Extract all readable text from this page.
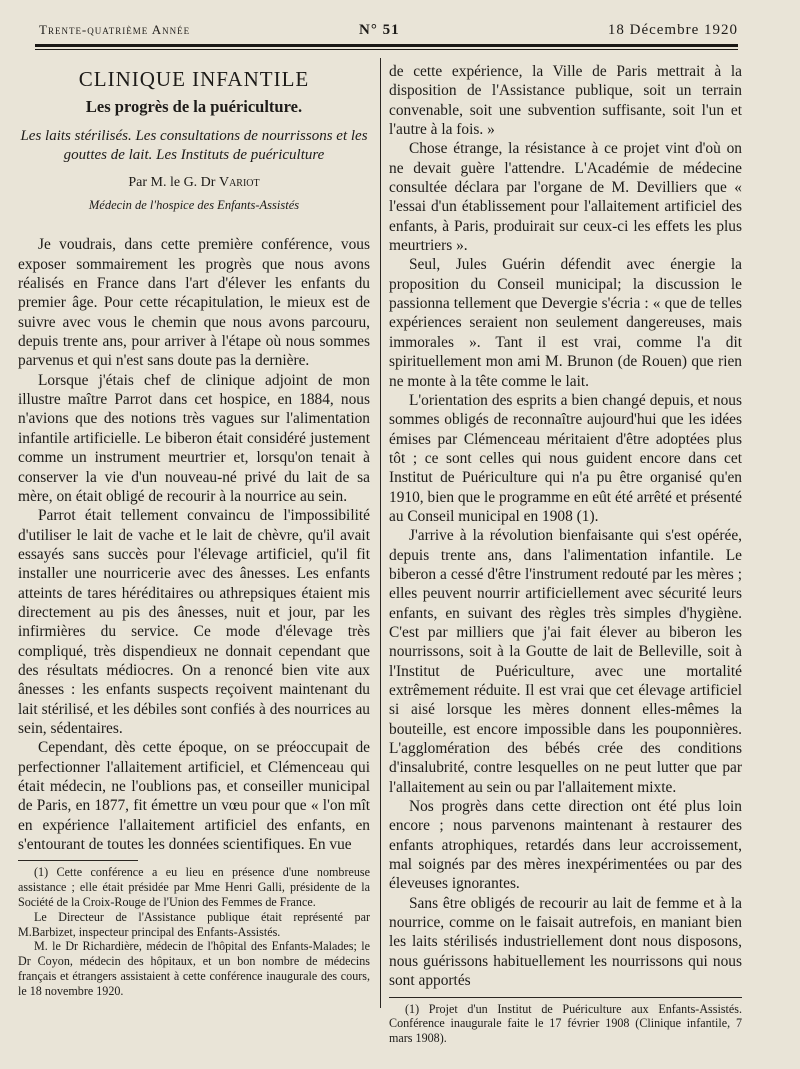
Trente-quatrième Année	N° 51	18 Décembre 1920
CLINIQUE INFANTILE
Les progrès de la puériculture.
Les laits stérilisés. Les consultations de nourrissons et les gouttes de lait. Les Instituts de puériculture
Par M. le G. Dr Variot
Médecin de l'hospice des Enfants-Assistés

Je voudrais, dans cette première conférence, vous exposer sommairement les progrès que nous avons réalisés en France dans l'art d'élever les enfants du premier âge. Pour cette récapitulation, le mieux est de suivre avec vous le chemin que nous avons parcouru, depuis trente ans, pour arriver à l'étape où nous sommes parvenus et qui n'est sans doute pas la dernière.

Lorsque j'étais chef de clinique adjoint de mon illustre maître Parrot dans cet hospice, en 1884, nous n'avions que des notions très vagues sur l'alimentation infantile artificielle. Le biberon était considéré justement comme un instrument meurtrier et, lorsqu'on tenait à conserver la vie d'un nouveau-né privé du lait de sa mère, on était obligé de recourir à la nourrice au sein.

Parrot était tellement convaincu de l'impossibilité d'utiliser le lait de vache et le lait de chèvre, qu'il avait essayés sans succès pour l'élevage artificiel, qu'il fit installer une nourricerie avec des ânesses. Les enfants atteints de tares héréditaires ou athrepsiques étaient mis directement au pis des ânesses, nuit et jour, par les infirmières du service. Ce mode d'élevage très compliqué, très dispendieux ne donnait cependant que des résultats médiocres. On a renoncé bien vite aux ânesses : les enfants suspects reçoivent maintenant du lait stérilisé, et les débiles sont confiés à des nourrices au sein, sédentaires.

Cependant, dès cette époque, on se préoccupait de perfectionner l'allaitement artificiel, et Clémenceau qui était médecin, ne l'oublions pas, et conseiller municipal de Paris, en 1877, fit émettre un vœu pour que « l'on mît en expérience l'allaitement artificiel des enfants, en s'entourant de toutes les données scientifiques. En vue

(1) Cette conférence a eu lieu en présence d'une nombreuse assistance ; elle était présidée par Mme Henri Galli, présidente de la Société de la Croix-Rouge de l'Union des Femmes de France.

Le Directeur de l'Assistance publique était représenté par M.Barbizet, inspecteur principal des Enfants-Assistés.

M. le Dr Richardière, médecin de l'hôpital des Enfants-Malades; le Dr Coyon, médecin des hôpitaux, et un bon nombre de médecins français et étrangers assistaient à cette conférence inaugurale des cours, le 18 novembre 1920.

de cette expérience, la Ville de Paris mettrait à la disposition de l'Assistance publique, soit un terrain convenable, soit une subvention suffisante, soit l'un et l'autre à la fois. »

Chose étrange, la résistance à ce projet vint d'où on ne devait guère l'attendre. L'Académie de médecine consultée déclara par l'organe de M. Devilliers que « l'essai d'un établissement pour l'allaitement artificiel des enfants, à Paris, produirait sur ceux-ci les effets les plus meurtriers ».

Seul, Jules Guérin défendit avec énergie la proposition du Conseil municipal; la discussion le passionna tellement que Devergie s'écria : « que de telles expériences seraient non seulement dangereuses, mais immorales ». Tant il est vrai, comme l'a dit spirituellement mon ami M. Brunon (de Rouen) que rien ne monte à la tête comme le lait.

L'orientation des esprits a bien changé depuis, et nous sommes obligés de reconnaître aujourd'hui que les idées émises par Clémenceau méritaient d'être adoptées plus tôt ; ce sont celles qui nous guident encore dans cet Institut de Puériculture qui n'a pu être organisé qu'en 1910, bien que le programme en eût été arrêté et présenté au Conseil municipal en 1908 (1).

J'arrive à la révolution bienfaisante qui s'est opérée, depuis trente ans, dans l'alimentation infantile. Le biberon a cessé d'être l'instrument redouté par les mères ; elles peuvent nourrir artificiellement avec sécurité leurs enfants, en suivant des règles très simples d'hygiène. C'est par milliers que j'ai fait élever au biberon les nourrissons, soit à la Goutte de lait de Belleville, soit à l'Institut de Puériculture, avec une mortalité extrêmement réduite. Il est vrai que cet élevage artificiel si aisé lorsque les mères donnent elles-mêmes la bouteille, est encore impossible dans les pouponnières. L'agglomération des bébés crée des conditions d'insalubrité, contre lesquelles on ne peut lutter que par l'allaitement au sein ou par l'allaitement mixte.

Nos progrès dans cette direction ont été plus loin encore ; nous parvenons maintenant à restaurer des enfants atrophiques, retardés dans leur accroissement, mal soignés par des mères inexpérimentées ou par des éleveuses ignorantes.

Sans être obligés de recourir au lait de femme et à la nourrice, comme on le faisait autrefois, en maniant bien les laits stérilisés industriellement dont nous disposons, nous guérissons habituellement les nourrissons qui nous sont apportés

(1) Projet d'un Institut de Puériculture aux Enfants-Assistés. Conférence inaugurale faite le 17 février 1908 (Clinique infantile, 7 mars 1908).
